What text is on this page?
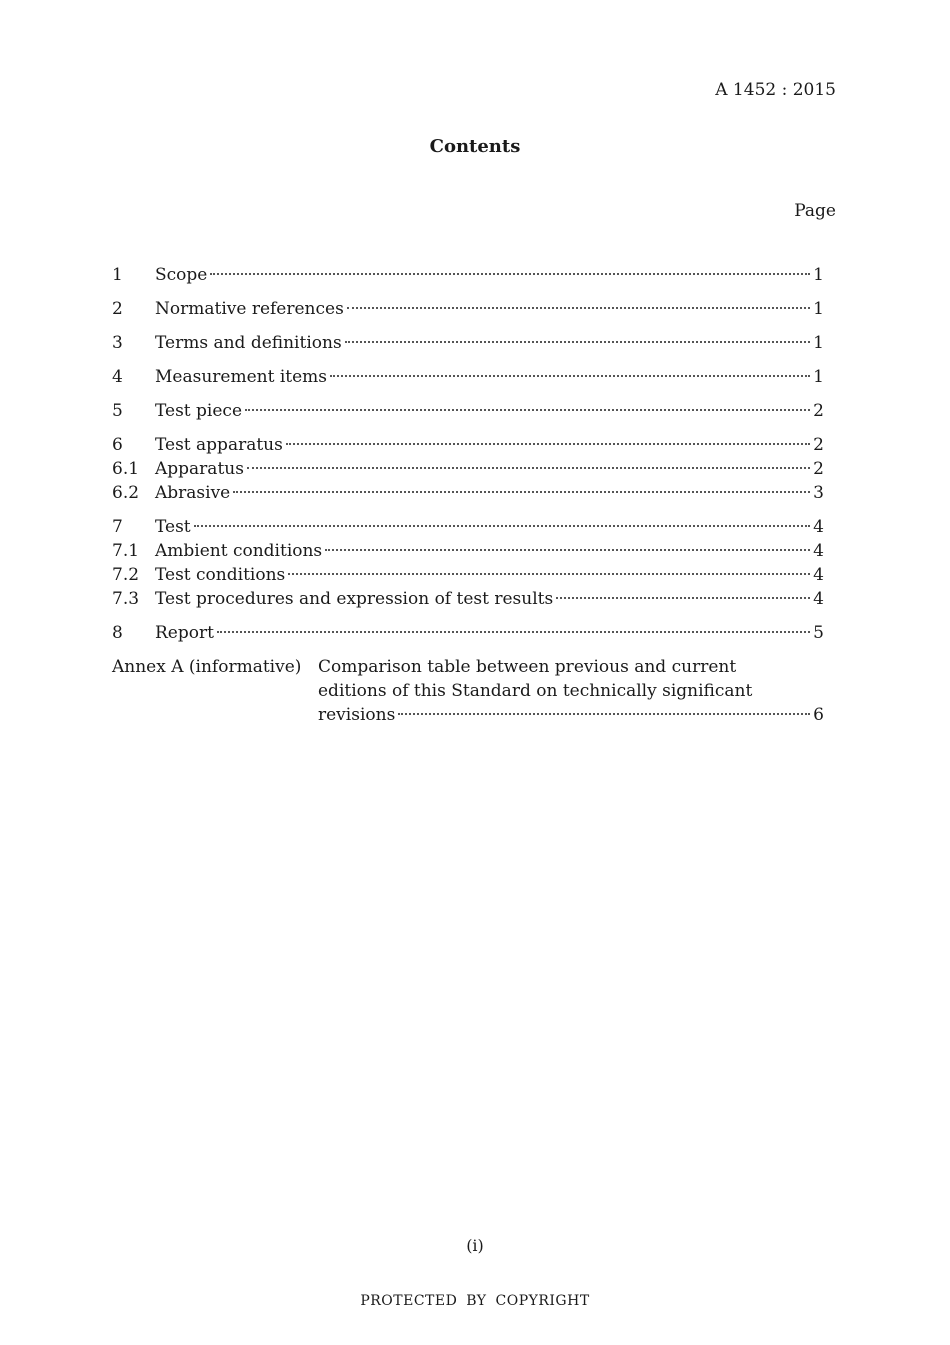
A 1452 : 2015
Contents
Page
1	Scope	1
2	Normative references	1
3	Terms and definitions	1
4	Measurement items	1
5	Test piece	2
6	Test apparatus	2
6.1 Apparatus	2
6.2 Abrasive	3
7	Test	4
7.1 Ambient conditions	4
7.2 Test conditions	4
7.3 Test procedures and expression of test results	4
8	Report	5
Annex A (informative) Comparison table between previous and current
editions of this Standard on technically significant
revisions	6
(i)
PROTECTED BY COPYRIGHT
